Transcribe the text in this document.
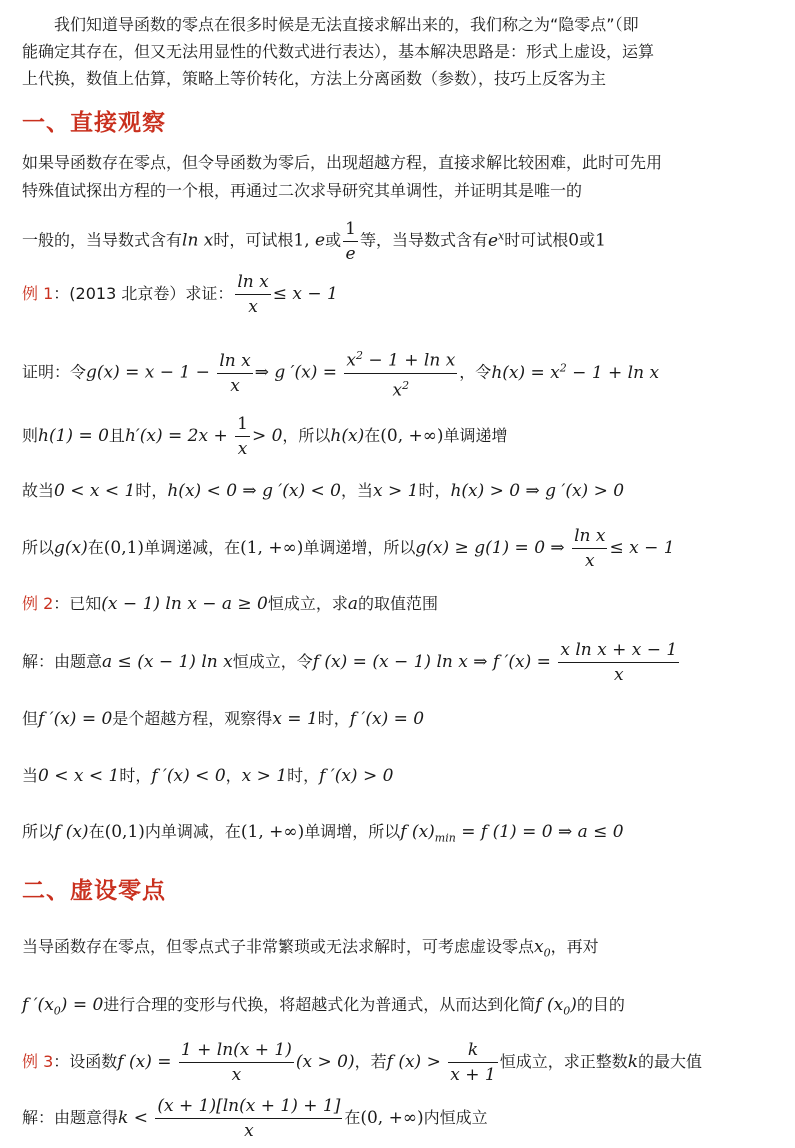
我们知道导函数的零点在很多时候是无法直接求解出来的，我们称之为“隐零点”（即
能确定其存在，但又无法用显性的代数式进行表达），基本解决思路是：形式上虚设，运算
上代换，数值上估算，策略上等价转化，方法上分离函数（参数），技巧上反客为主
一、直接观察
如果导函数存在零点，但令导函数为零后，出现超越方程，直接求解比较困难，此时可先用
特殊值试探出方程的一个根，再通过二次求导研究其单调性，并证明其是唯一的
一般的，当导数式含有ln x时，可试根1, e或 $\frac{1}{e}$ 等，当导数式含有$e^x$时可试根0或1
例 1：(2013 北京卷）求证： $\frac{\text{ln x}}{x} \le x - 1$
证明：令$g(x) = x - 1 - \frac{\text{ln x}}{x}$ ⇒ g $'(x) = \frac{x^2 - 1 + \ln x}{x^2}$ ，令$h(x) = x^2 - 1 + \ln x$
则h(1) = 0且$h'(x) = 2x + \frac{1}{x} > 0$，所以h(x)在(0, +∞)单调递增
故当0 < x < 1时，h(x) < 0 ⇒ g ′(x) < 0，当x > 1时，h(x) > 0 ⇒ g ′(x) > 0
所以g(x)在(0,1)单调递减，在(1, +∞)单调递增，所以g(x) ≥ g(1) = 0 ⇒ $\frac{\text{ln x}}{x} \le x - 1$
例 2：已知(x − 1) ln x − a ≥ 0恒成立，求a的取值范围
解：由题意a ≤ (x − 1) ln x恒成立，令f (x) = (x − 1) ln x ⇒ f $'(x) = \frac{\text{x ln x + x − 1}}{x}$
但f ′(x) = 0是个超越方程，观察得x = 1时，f ′(x) = 0
当0 < x < 1时，f ′(x) < 0，x > 1时，f ′(x) > 0
所以f (x)在(0,1)内单调减，在(1, +∞)单调增，所以f $(x)_{min} = f$ (1) = 0 ⇒ a ≤ 0
二、虚设零点
当导函数存在零点，但零点式子非常繁琐或无法求解时，可考虑虚设零点$x_0$，再对
f $'(x_0) = 0$进行合理的变形与代换，将超越式化为普通式，从而达到化简f $(x_0)$的目的
例 3：设函数f $(x) = \frac{1 + \ln(x + 1)}{x} (x > 0)$，若f $(x) > \frac{k}{x + 1}$ 恒成立，求正整数k的最大值
解：由题意得$k < \frac{(x + 1)[\ln(x + 1) + 1]}{x}$ 在(0, +∞)内恒成立
